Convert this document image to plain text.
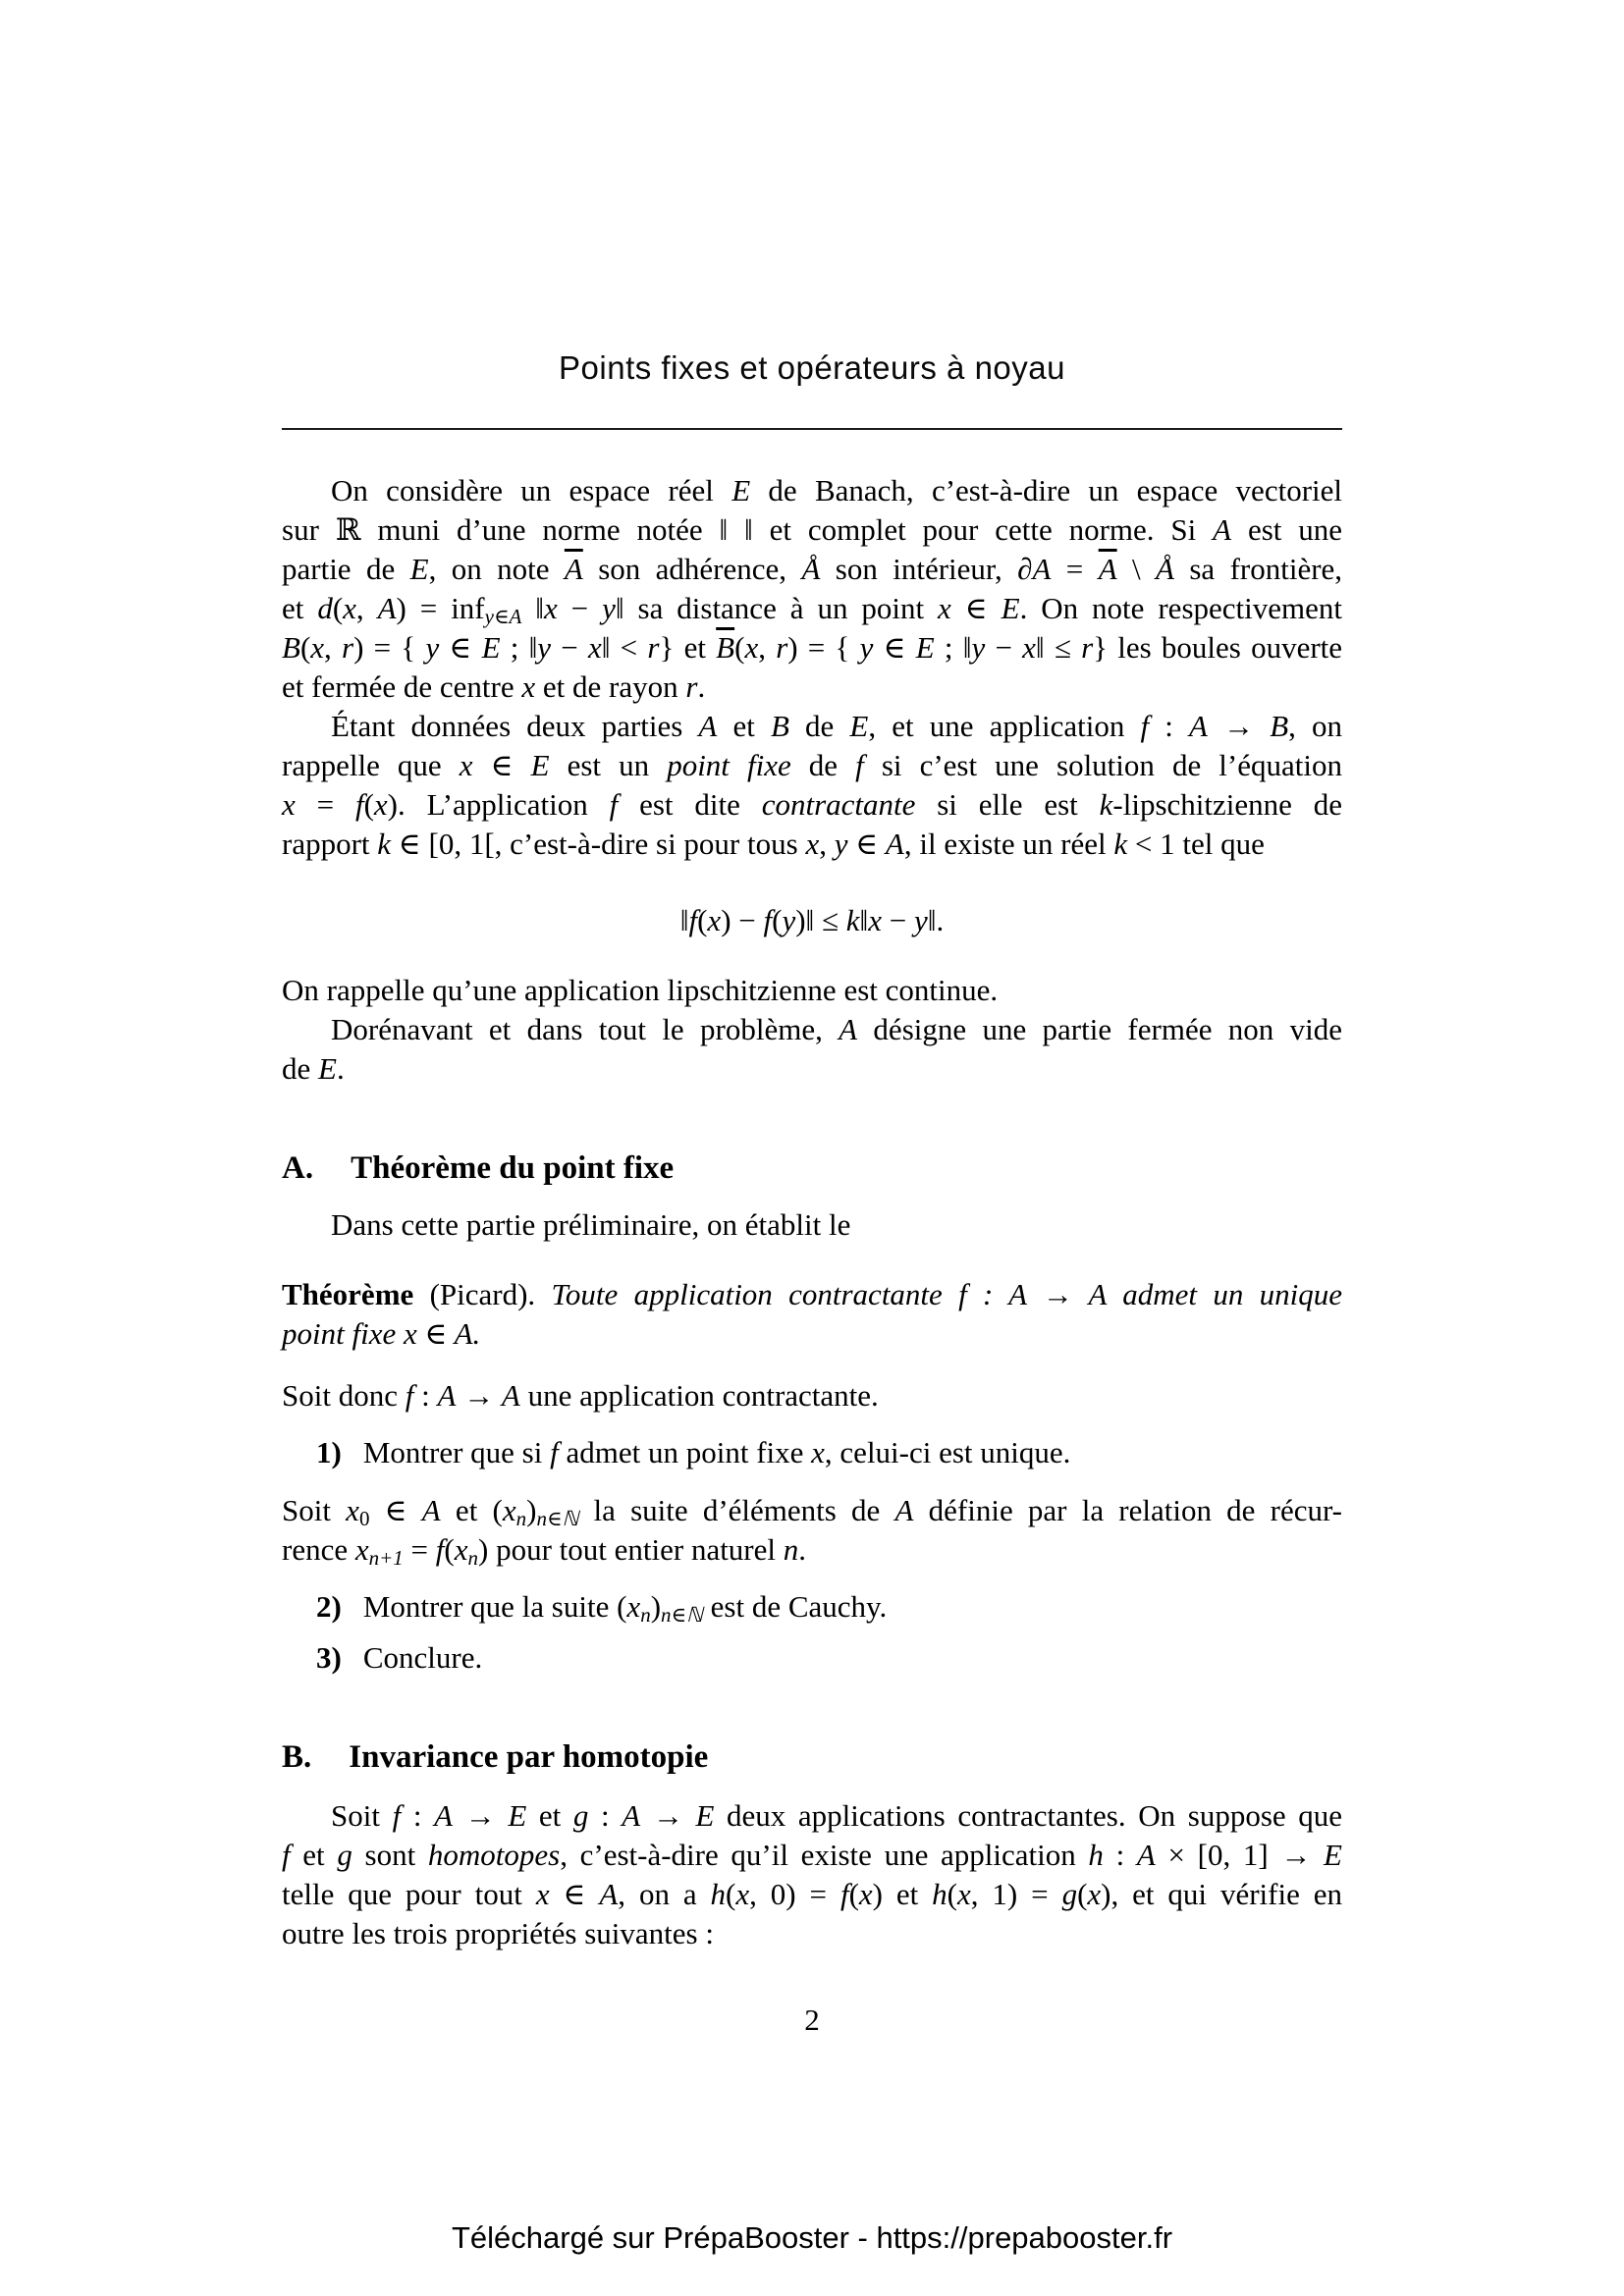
Points fixes et opérateurs à noyau
On considère un espace réel E de Banach, c’est-à-dire un espace vectoriel
sur ℝ muni d’une norme notée ‖ ‖ et complet pour cette norme. Si A est une
partie de E, on note $\overline{A}$ son adhérence, Å son intérieur, $\partial A = \overline{A}$ \ Å sa frontière,
et d(x, A) = infy∈A ‖x − y‖ sa distance à un point x ∈ E. On note respectivement
B(x, r) = { y ∈ E ; ‖y − x‖ < r} et $\overline{B}(x$, r) = { y ∈ E ; ‖y − x‖ ≤ r} les boules ouverte
et fermée de centre x et de rayon r.
Étant données deux parties A et B de E, et une application f : A → B, on
rappelle que x ∈ E est un point fixe de f si c’est une solution de l’équation
x = f(x). L’application f est dite contractante si elle est k-lipschitzienne de
rapport k ∈ [0, 1[, c’est-à-dire si pour tous x, y ∈ A, il existe un réel k < 1 tel que
‖f(x) − f(y)‖ ≤ k‖x − y‖.
On rappelle qu’une application lipschitzienne est continue.
Dorénavant et dans tout le problème, A désigne une partie fermée non vide
de E.
A. Théorème du point fixe
Dans cette partie préliminaire, on établit le
Théorème (Picard). Toute application contractante f : A → A admet un unique
point fixe x ∈ A.
Soit donc f : A → A une application contractante.
1) Montrer que si f admet un point fixe x, celui-ci est unique.
Soit x0 ∈ A et (xn)n∈ℕ la suite d’éléments de A définie par la relation de récur-
rence xn+1 = f(xn) pour tout entier naturel n.
2) Montrer que la suite (xn)n∈ℕ est de Cauchy.
3) Conclure.
B. Invariance par homotopie
Soit f : A → E et g : A → E deux applications contractantes. On suppose que
f et g sont homotopes, c’est-à-dire qu’il existe une application h : A × [0, 1] → E
telle que pour tout x ∈ A, on a h(x, 0) = f(x) et h(x, 1) = g(x), et qui vérifie en
outre les trois propriétés suivantes :
2
Téléchargé sur PrépaBooster - https://prepabooster.fr
